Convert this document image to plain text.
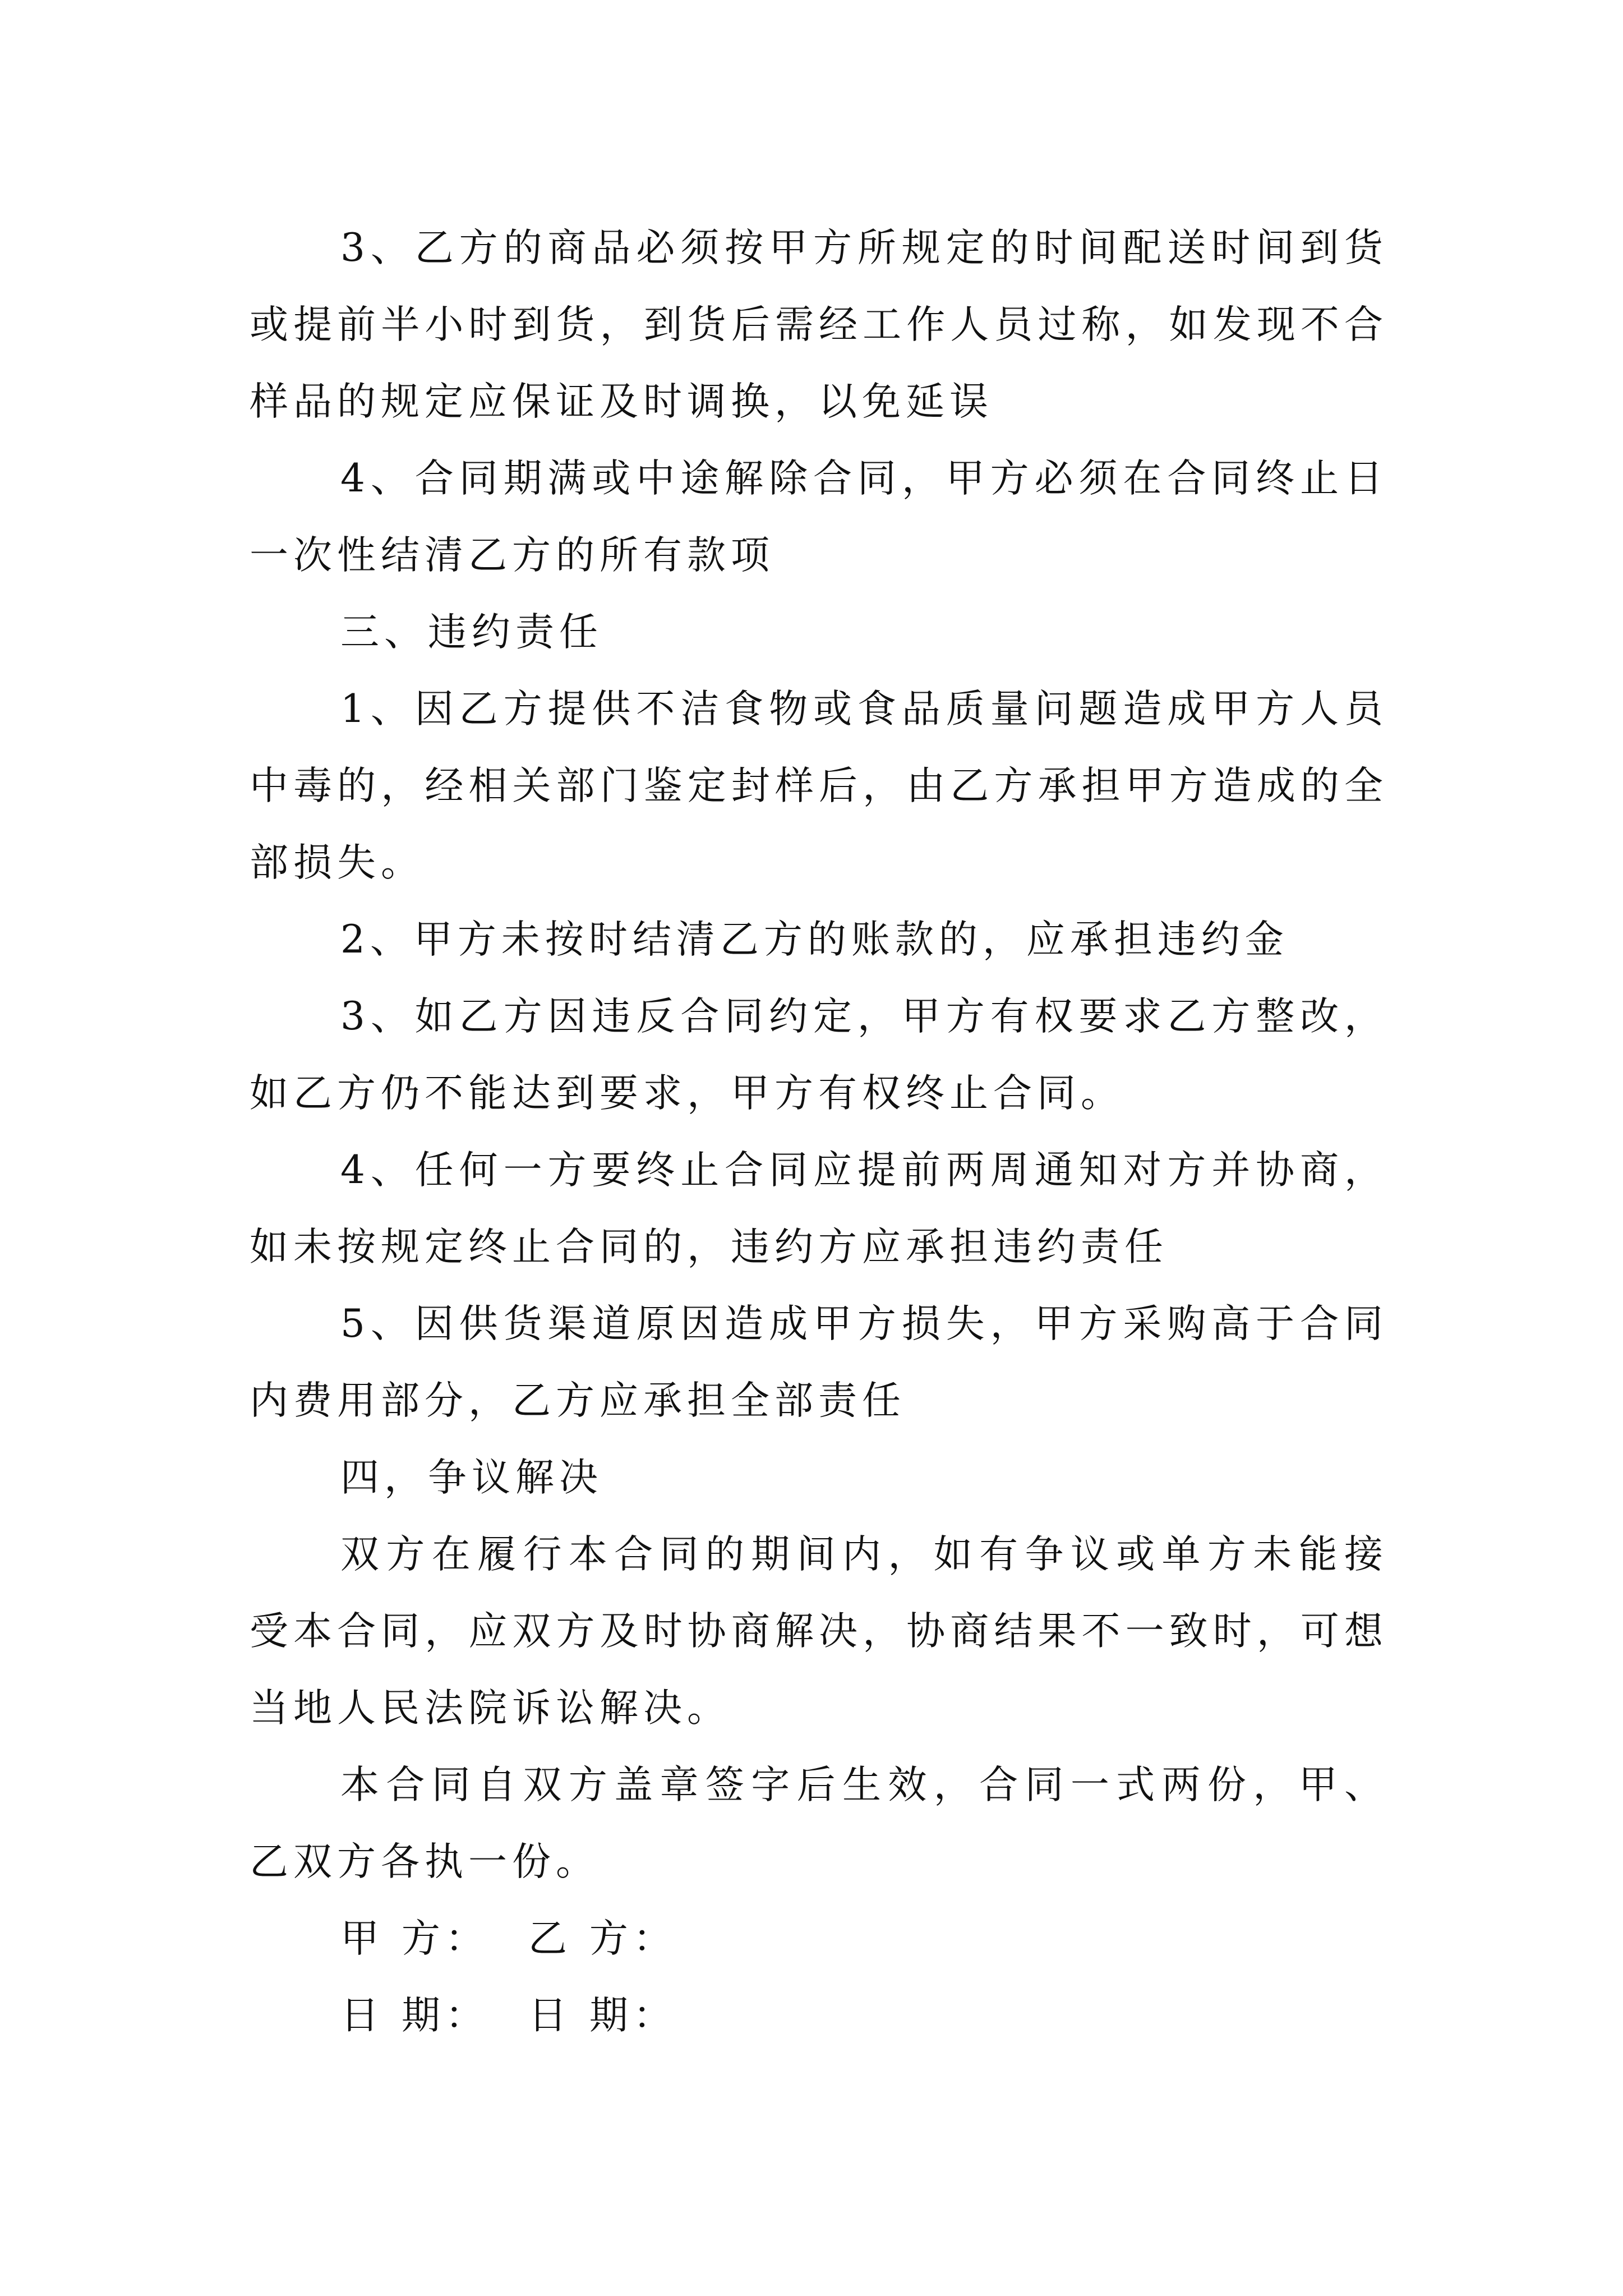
3、乙方的商品必须按甲方所规定的时间配送时间到货或提前半小时到货，到货后需经工作人员过称，如发现不合样品的规定应保证及时调换，以免延误

4、合同期满或中途解除合同，甲方必须在合同终止日一次性结清乙方的所有款项

三、违约责任

1、因乙方提供不洁食物或食品质量问题造成甲方人员中毒的，经相关部门鉴定封样后，由乙方承担甲方造成的全部损失。

2、甲方未按时结清乙方的账款的，应承担违约金

3、如乙方因违反合同约定，甲方有权要求乙方整改，如乙方仍不能达到要求，甲方有权终止合同。

4、任何一方要终止合同应提前两周通知对方并协商，如未按规定终止合同的，违约方应承担违约责任

5、因供货渠道原因造成甲方损失，甲方采购高于合同内费用部分，乙方应承担全部责任

四，争议解决

双方在履行本合同的期间内，如有争议或单方未能接受本合同，应双方及时协商解决，协商结果不一致时，可想当地人民法院诉讼解决。

本合同自双方盖章签字后生效，合同一式两份，甲、乙双方各执一份。

甲 方： 乙 方：

日 期： 日 期：
